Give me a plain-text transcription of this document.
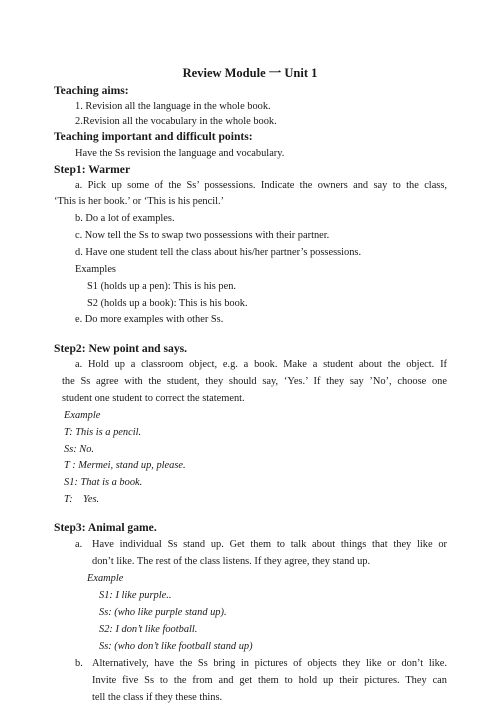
Review Module 一 Unit 1
Teaching aims:
1. Revision all the language in the whole book.
2.Revision all the vocabulary in the whole book.
Teaching important and difficult points:
Have the Ss revision the language and vocabulary.
Step1: Warmer
a. Pick up some of the Ss’ possessions. Indicate the owners and say to the class,
‘This is her book.’ or ‘This is his pencil.’
b. Do a lot of examples.
c. Now tell the Ss to swap two possessions with their partner.
d. Have one student tell the class about his/her partner’s possessions.
Examples
S1 (holds up a pen): This is his pen.
S2 (holds up a book): This is his book.
e. Do more examples with other Ss.
Step2: New point and says.
a. Hold up a classroom object, e.g. a book. Make a student about the object. If
the Ss agree with the student, they should say, ‘Yes.’ If they say ’No’, choose one
student one student to correct the statement.
Example
T: This is a pencil.
Ss: No.
T : Mermei, stand up, please.
S1: That is a book.
T:    Yes.
Step3: Animal game.
a. Have individual Ss stand up. Get them to talk about things that they like or
don’t like. The rest of the class listens. If they agree, they stand up.
Example
S1: I like purple..
Ss: (who like purple stand up).
S2: I don’t like football.
Ss: (who don’t like football stand up)
b. Alternatively, have the Ss bring in pictures of objects they like or don’t like.
Invite five Ss to the from and get them to hold up their pictures. They can
tell the class if they these thins.
